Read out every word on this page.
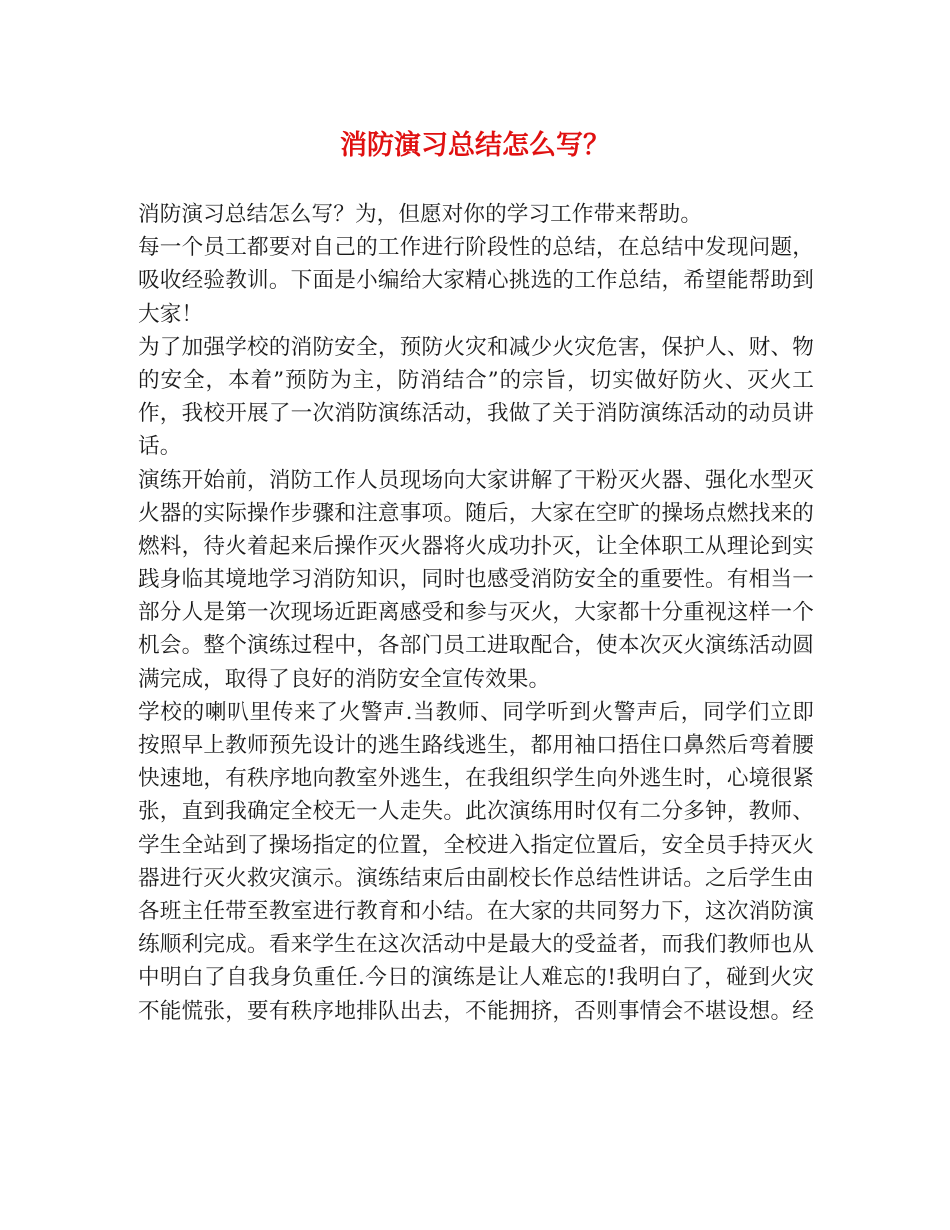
消防演习总结怎么写？
消防演习总结怎么写？为，但愿对你的学习工作带来帮助。
每一个员工都要对自己的工作进行阶段性的总结，在总结中发现问题，
吸收经验教训。下面是小编给大家精心挑选的工作总结，希望能帮助到
大家！
为了加强学校的消防安全，预防火灾和减少火灾危害，保护人、财、物
的安全，本着”预防为主，防消结合”的宗旨，切实做好防火、灭火工
作，我校开展了一次消防演练活动，我做了关于消防演练活动的动员讲
话。
演练开始前，消防工作人员现场向大家讲解了干粉灭火器、强化水型灭
火器的实际操作步骤和注意事项。随后，大家在空旷的操场点燃找来的
燃料，待火着起来后操作灭火器将火成功扑灭，让全体职工从理论到实
践身临其境地学习消防知识，同时也感受消防安全的重要性。有相当一
部分人是第一次现场近距离感受和参与灭火，大家都十分重视这样一个
机会。整个演练过程中，各部门员工进取配合，使本次灭火演练活动圆
满完成，取得了良好的消防安全宣传效果。
学校的喇叭里传来了火警声.当教师、同学听到火警声后，同学们立即
按照早上教师预先设计的逃生路线逃生，都用袖口捂住口鼻然后弯着腰
快速地，有秩序地向教室外逃生，在我组织学生向外逃生时，心境很紧
张，直到我确定全校无一人走失。此次演练用时仅有二分多钟，教师、
学生全站到了操场指定的位置，全校进入指定位置后，安全员手持灭火
器进行灭火救灾演示。演练结束后由副校长作总结性讲话。之后学生由
各班主任带至教室进行教育和小结。在大家的共同努力下，这次消防演
练顺利完成。看来学生在这次活动中是最大的受益者，而我们教师也从
中明白了自我身负重任.今日的演练是让人难忘的!我明白了，碰到火灾
不能慌张，要有秩序地排队出去，不能拥挤，否则事情会不堪设想。经
